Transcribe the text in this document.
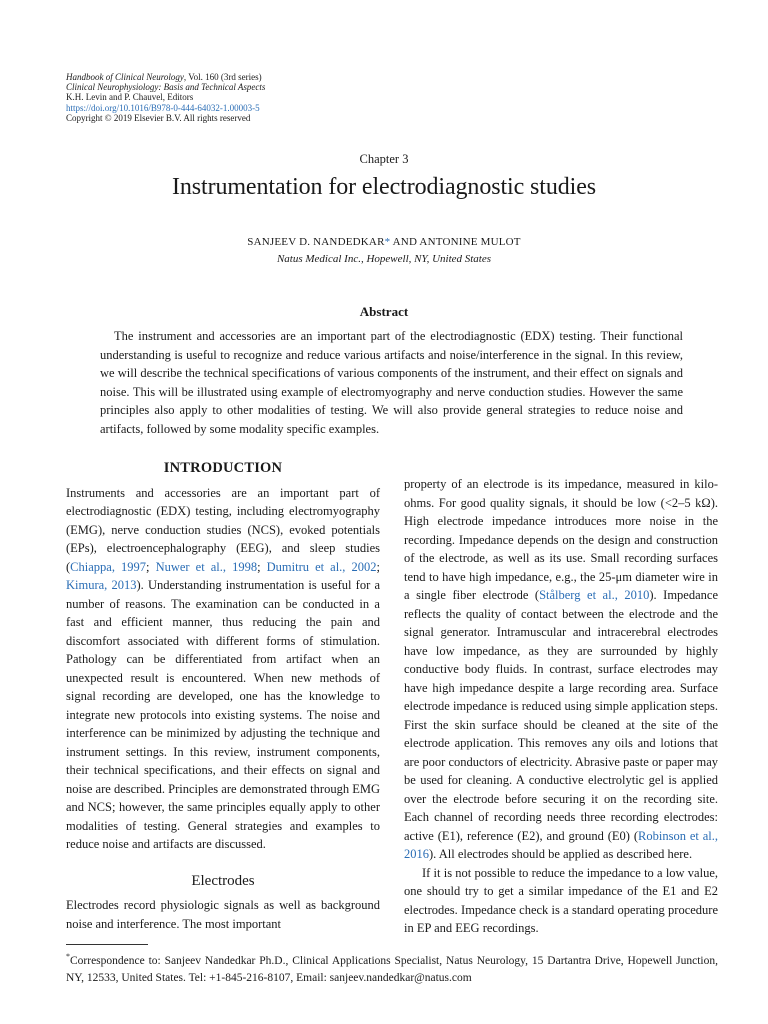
Handbook of Clinical Neurology, Vol. 160 (3rd series)
Clinical Neurophysiology: Basis and Technical Aspects
K.H. Levin and P. Chauvel, Editors
https://doi.org/10.1016/B978-0-444-64032-1.00003-5
Copyright © 2019 Elsevier B.V. All rights reserved
Chapter 3
Instrumentation for electrodiagnostic studies
SANJEEV D. NANDEDKAR* AND ANTONINE MULOT
Natus Medical Inc., Hopewell, NY, United States
Abstract

The instrument and accessories are an important part of the electrodiagnostic (EDX) testing. Their functional understanding is useful to recognize and reduce various artifacts and noise/interference in the signal. In this review, we will describe the technical specifications of various components of the instrument, and their effect on signals and noise. This will be illustrated using example of electromyography and nerve conduction studies. However the same principles also apply to other modalities of testing. We will also provide general strategies to reduce noise and artifacts, followed by some modality specific examples.

INTRODUCTION

Instruments and accessories are an important part of electrodiagnostic (EDX) testing, including electromyography (EMG), nerve conduction studies (NCS), evoked potentials (EPs), electroencephalography (EEG), and sleep studies (Chiappa, 1997; Nuwer et al., 1998; Dumitru et al., 2002; Kimura, 2013). Understanding instrumentation is useful for a number of reasons. The examination can be conducted in a fast and efficient manner, thus reducing the pain and discomfort associated with different forms of stimulation. Pathology can be differentiated from artifact when an unexpected result is encountered. When new methods of signal recording are developed, one has the knowledge to integrate new protocols into existing systems. The noise and interference can be minimized by adjusting the technique and instrument settings. In this review, instrument components, their technical specifications, and their effects on signal and noise are described. Principles are demonstrated through EMG and NCS; however, the same principles equally apply to other modalities of testing. General strategies and examples to reduce noise and artifacts are discussed.

Electrodes

Electrodes record physiologic signals as well as background noise and interference. The most important

property of an electrode is its impedance, measured in kilo-ohms. For good quality signals, it should be low (<2–5 kΩ). High electrode impedance introduces more noise in the recording. Impedance depends on the design and construction of the electrode, as well as its use. Small recording surfaces tend to have high impedance, e.g., the 25-μm diameter wire in a single fiber electrode (Stålberg et al., 2010). Impedance reflects the quality of contact between the electrode and the signal generator. Intramuscular and intracerebral electrodes have low impedance, as they are surrounded by highly conductive body fluids. In contrast, surface electrodes may have high impedance despite a large recording area. Surface electrode impedance is reduced using simple application steps. First the skin surface should be cleaned at the site of the electrode application. This removes any oils and lotions that are poor conductors of electricity. Abrasive paste or paper may be used for cleaning. A conductive electrolytic gel is applied over the electrode before securing it on the recording site. Each channel of recording needs three recording electrodes: active (E1), reference (E2), and ground (E0) (Robinson et al., 2016). All electrodes should be applied as described here.

If it is not possible to reduce the impedance to a low value, one should try to get a similar impedance of the E1 and E2 electrodes. Impedance check is a standard operating procedure in EP and EEG recordings.

*Correspondence to: Sanjeev Nandedkar Ph.D., Clinical Applications Specialist, Natus Neurology, 15 Dartantra Drive, Hopewell Junction, NY, 12533, United States. Tel: +1-845-216-8107, Email: sanjeev.nandedkar@natus.com
